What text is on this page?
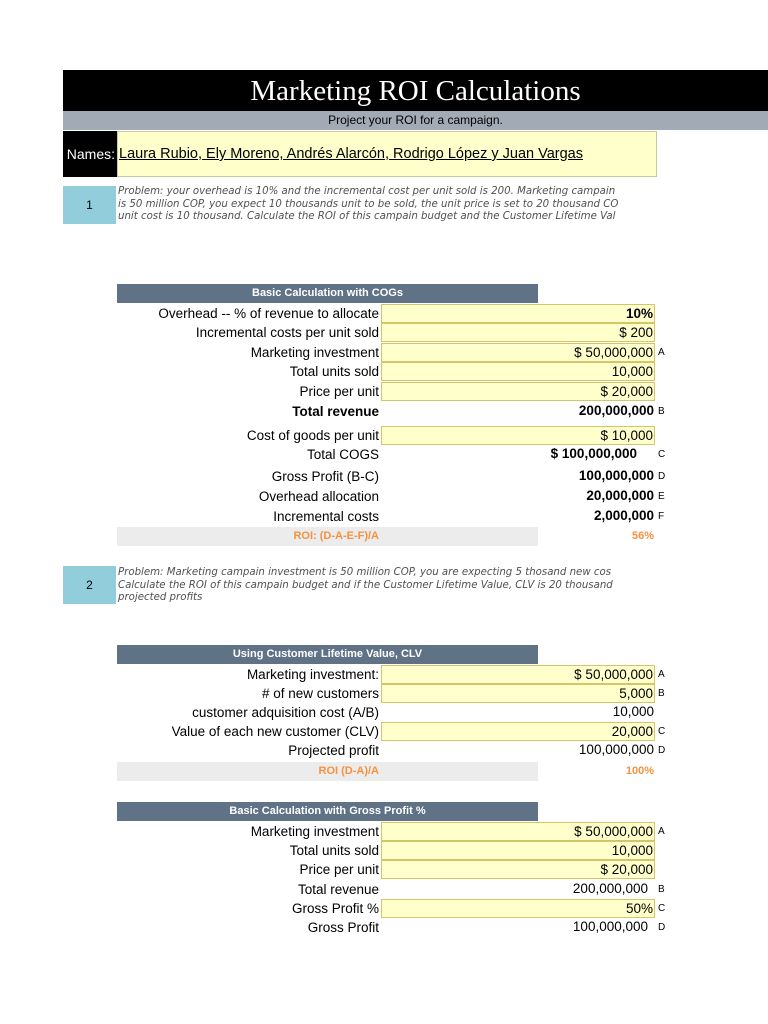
Marketing ROI Calculations
Project your ROI for a campaign.
Names: Laura Rubio, Ely Moreno, Andrés Alarcón, Rodrigo López y Juan Vargas
1
Problem: your overhead is 10% and the incremental cost per unit sold is 200. Marketing campain
is 50 million COP, you expect 10 thousands unit to be sold, the unit price is set to 20 thousand CO
unit cost is 10 thousand. Calculate the ROI of this campain budget and the Customer Lifetime Val
Basic Calculation with COGs
Overhead -- % of revenue to allocate	10%
Incremental costs per unit sold	$ 200
Marketing investment	$ 50,000,000 A
Total units sold	10,000
Price per unit	$ 20,000
Total revenue	200,000,000 B
Cost of goods per unit	$ 10,000
Total COGS	$ 100,000,000 C
Gross Profit (B-C)	100,000,000 D
Overhead allocation	20,000,000 E
Incremental costs	2,000,000 F
ROI: (D-A-E-F)/A	56%
2
Problem: Marketing campain investment is 50 million COP, you are expecting 5 thosand new cos
Calculate the ROI of this campain budget and if the Customer Lifetime Value, CLV is 20 thousand
projected profits
Using Customer Lifetime Value, CLV
Marketing investment:	$ 50,000,000 A
# of new customers	5,000 B
customer adquisition cost (A/B)	10,000
Value of each new customer (CLV)	20,000 C
Projected profit	100,000,000 D
ROI (D-A)/A	100%
Basic Calculation with Gross Profit %
Marketing investment	$ 50,000,000 A
Total units sold	10,000
Price per unit	$ 20,000
Total revenue	200,000,000 B
Gross Profit %	50% C
Gross Profit	100,000,000 D
